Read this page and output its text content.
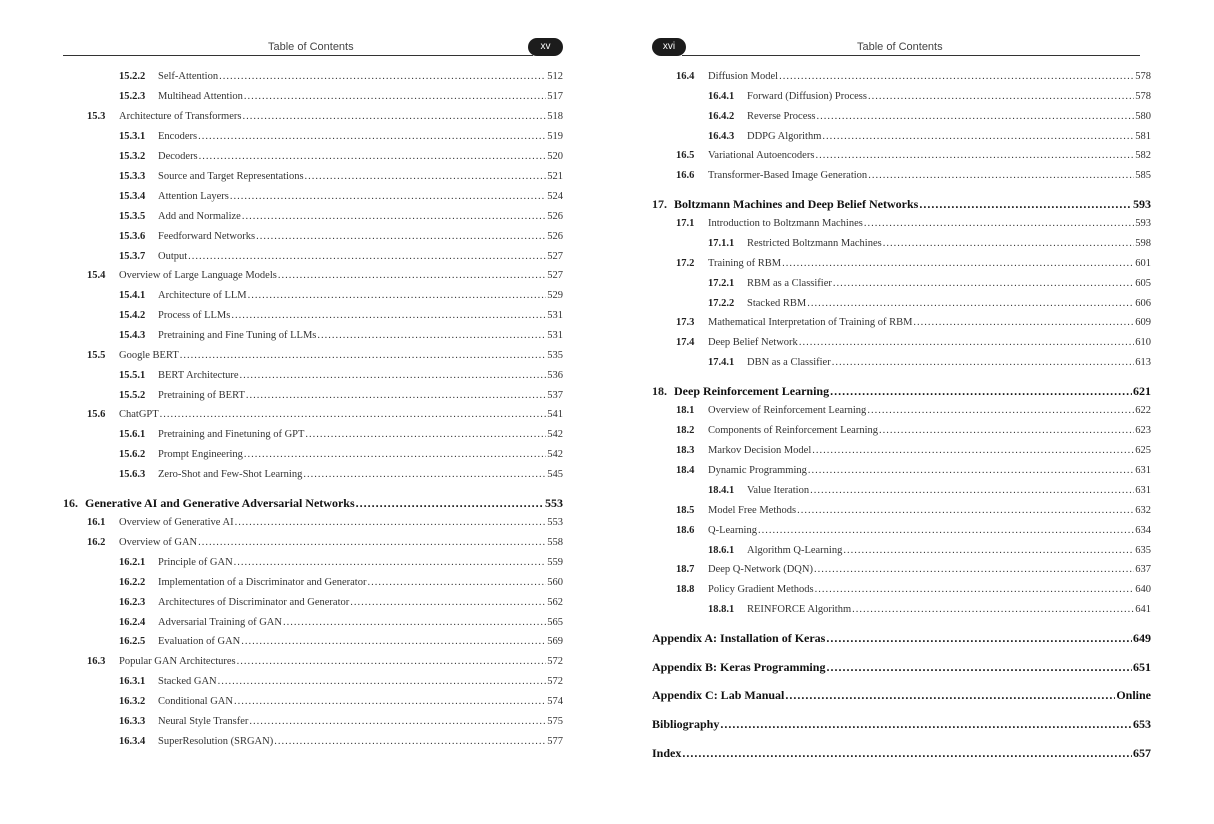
Table of Contents	xv
15.2.2	Self-Attention .....	512
15.2.3	Multihead Attention .....	517
15.3	Architecture of Transformers .....	518
15.3.1	Encoders .....	519
15.3.2	Decoders .....	520
15.3.3	Source and Target Representations .....	521
15.3.4	Attention Layers .....	524
15.3.5	Add and Normalize .....	526
15.3.6	Feedforward Networks .....	526
15.3.7	Output .....	527
15.4	Overview of Large Language Models .....	527
15.4.1	Architecture of LLM .....	529
15.4.2	Process of LLMs .....	531
15.4.3	Pretraining and Fine Tuning of LLMs .....	531
15.5	Google BERT .....	535
15.5.1	BERT Architecture .....	536
15.5.2	Pretraining of BERT .....	537
15.6	ChatGPT .....	541
15.6.1	Pretraining and Finetuning of GPT .....	542
15.6.2	Prompt Engineering .....	542
15.6.3	Zero-Shot and Few-Shot Learning .....	545
16. Generative AI and Generative Adversarial Networks .....	553
16.1	Overview of Generative AI .....	553
16.2	Overview of GAN .....	558
16.2.1	Principle of GAN .....	559
16.2.2	Implementation of a Discriminator and Generator .....	560
16.2.3	Architectures of Discriminator and Generator .....	562
16.2.4	Adversarial Training of GAN .....	565
16.2.5	Evaluation of GAN .....	569
16.3	Popular GAN Architectures .....	572
16.3.1	Stacked GAN .....	572
16.3.2	Conditional GAN .....	574
16.3.3	Neural Style Transfer .....	575
16.3.4	SuperResolution (SRGAN) .....	577
xvi	Table of Contents
16.4	Diffusion Model .....	578
16.4.1	Forward (Diffusion) Process .....	578
16.4.2	Reverse Process .....	580
16.4.3	DDPG Algorithm .....	581
16.5	Variational Autoencoders .....	582
16.6	Transformer-Based Image Generation .....	585
17. Boltzmann Machines and Deep Belief Networks .....	593
17.1	Introduction to Boltzmann Machines .....	593
17.1.1	Restricted Boltzmann Machines .....	598
17.2	Training of RBM .....	601
17.2.1	RBM as a Classifier .....	605
17.2.2	Stacked RBM .....	606
17.3	Mathematical Interpretation of Training of RBM .....	609
17.4	Deep Belief Network .....	610
17.4.1	DBN as a Classifier .....	613
18. Deep Reinforcement Learning .....	621
18.1	Overview of Reinforcement Learning .....	622
18.2	Components of Reinforcement Learning .....	623
18.3	Markov Decision Model .....	625
18.4	Dynamic Programming .....	631
18.4.1	Value Iteration .....	631
18.5	Model Free Methods .....	632
18.6	Q-Learning .....	634
18.6.1	Algorithm Q-Learning .....	635
18.7	Deep Q-Network (DQN) .....	637
18.8	Policy Gradient Methods .....	640
18.8.1	REINFORCE Algorithm .....	641
Appendix A: Installation of Keras .....	649
Appendix B: Keras Programming .....	651
Appendix C: Lab Manual .....	Online
Bibliography .....	653
Index .....	657
